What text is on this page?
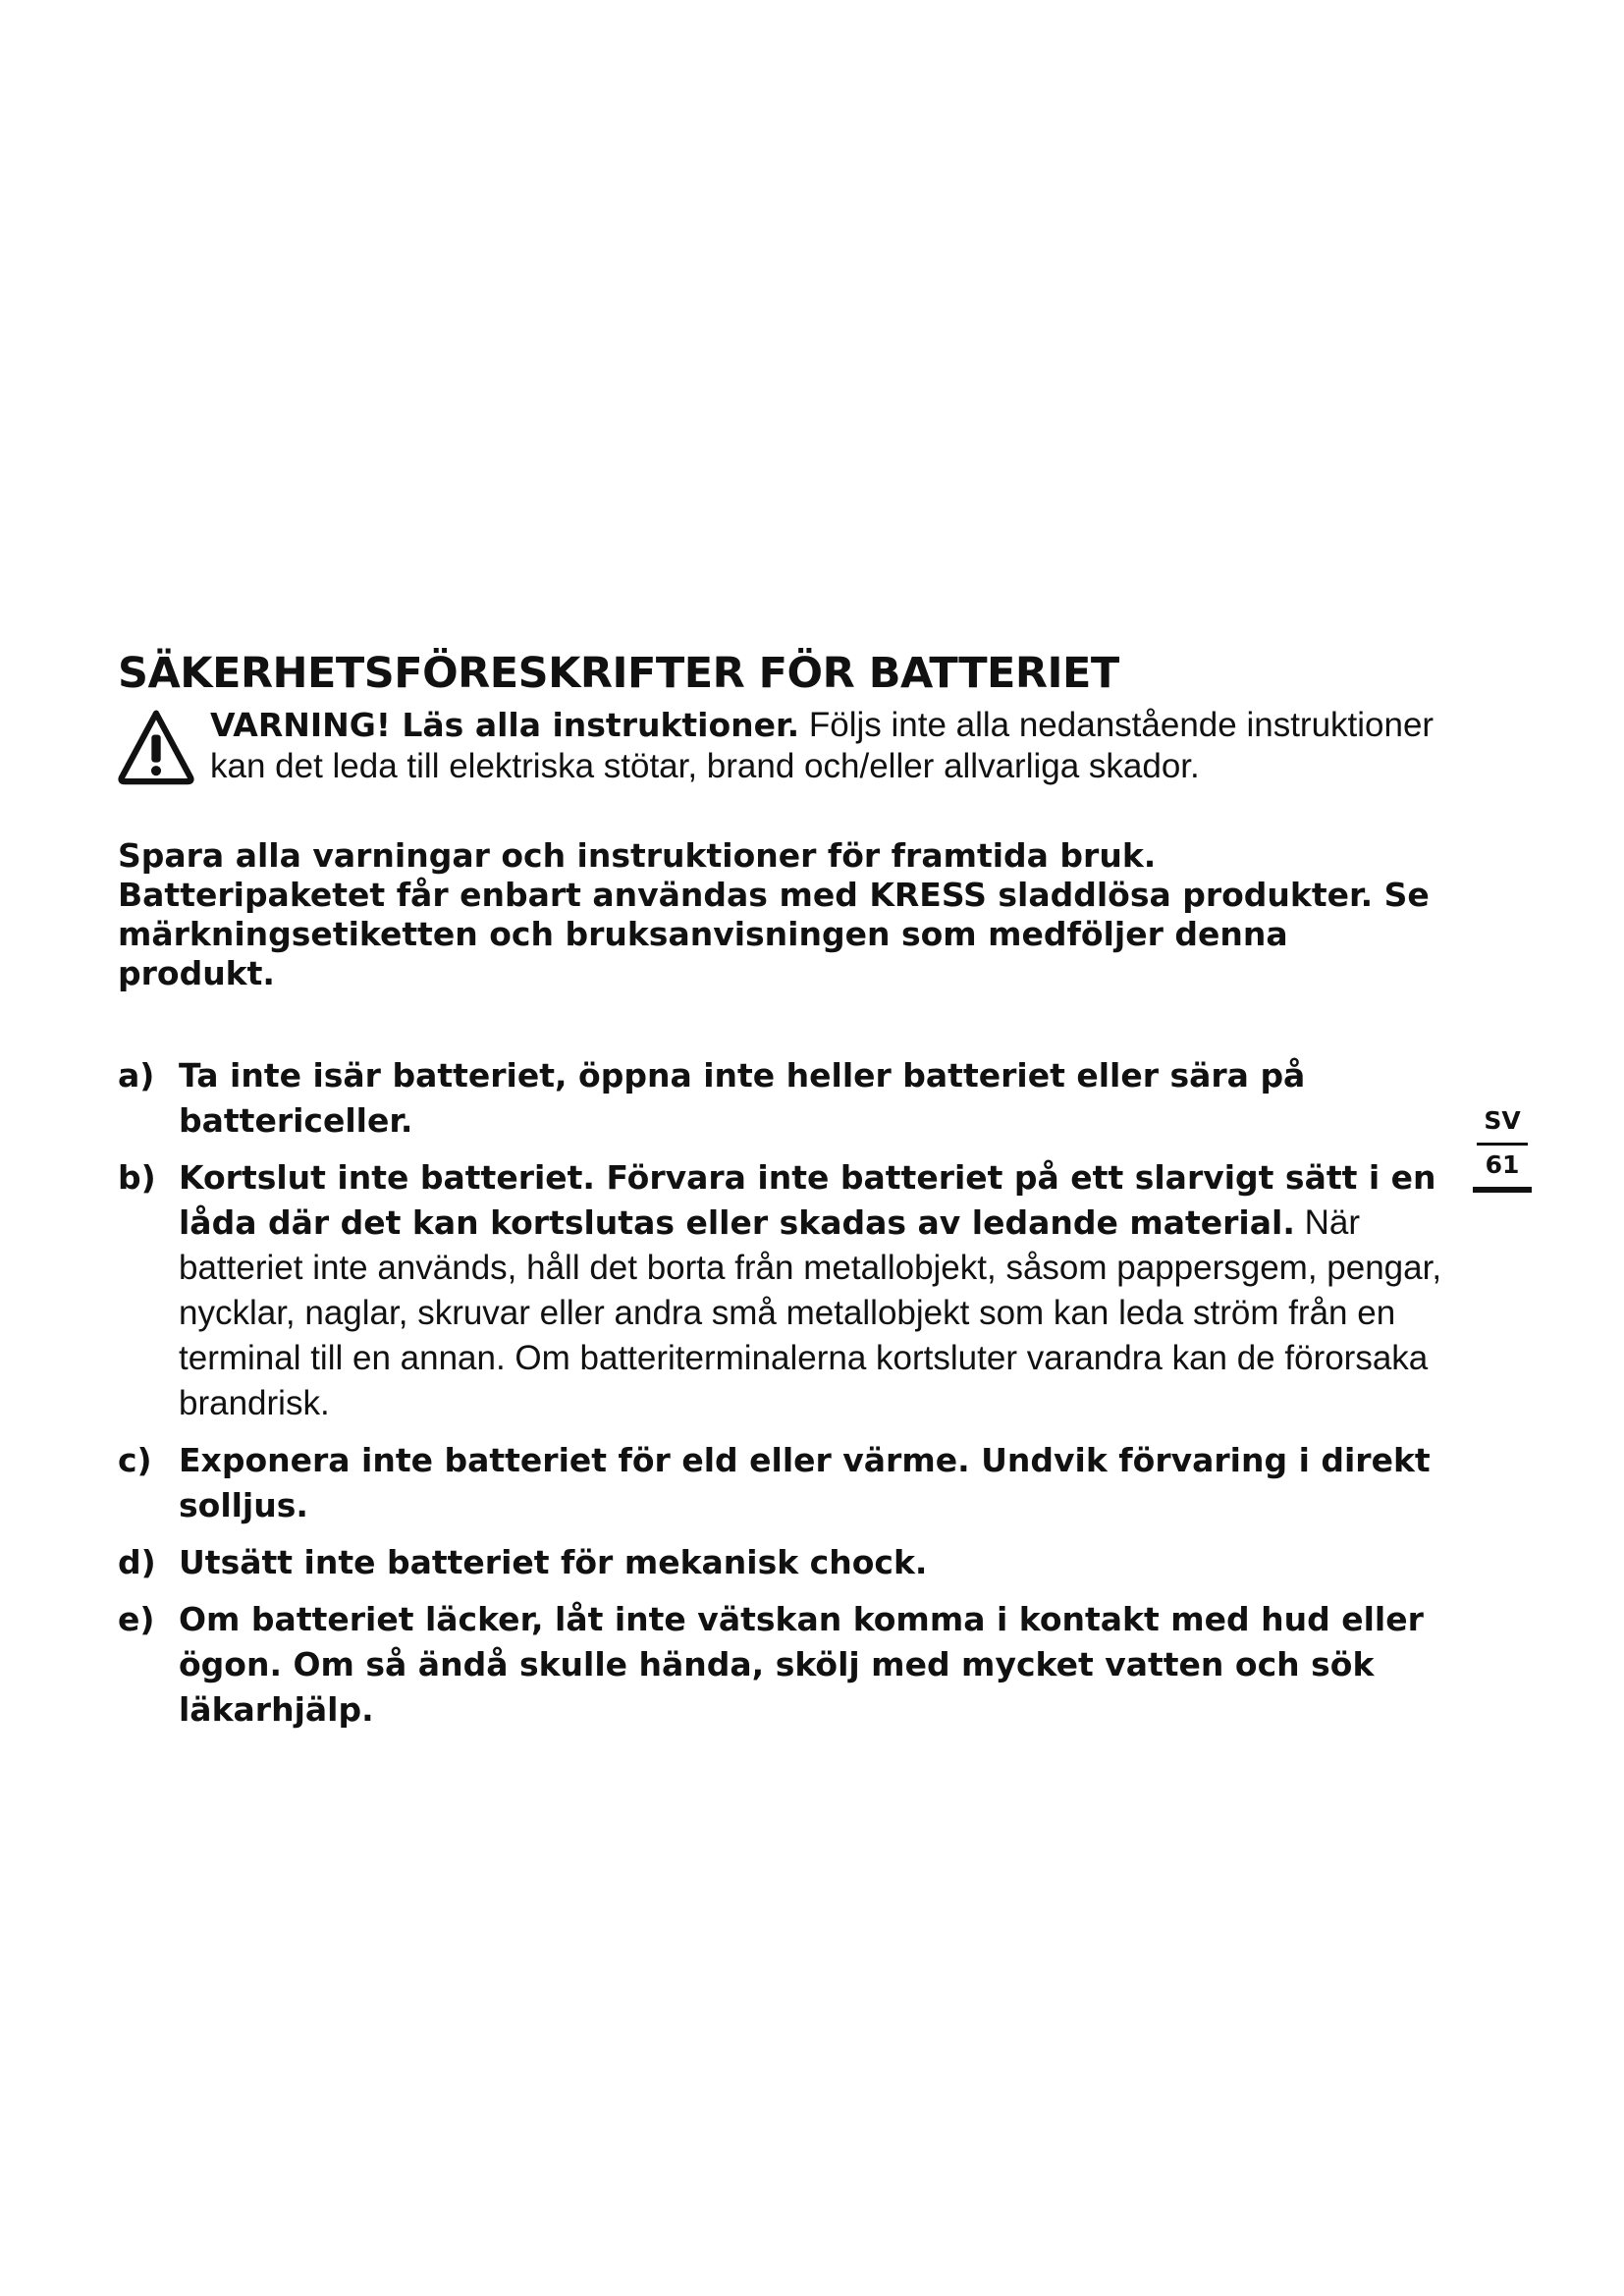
SÄKERHETSFÖRESKRIFTER FÖR BATTERIET
VARNING! Läs alla instruktioner. Följs inte alla nedanstående instruktioner kan det leda till elektriska stötar, brand och/eller allvarliga skador.

Spara alla varningar och instruktioner för framtida bruk.

Batteripaketet får enbart användas med KRESS sladdlösa produkter. Se märkningsetiketten och bruksanvisningen som medföljer denna produkt.

a) Ta inte isär batteriet, öppna inte heller batteriet eller sära på battericeller.
b) Kortslut inte batteriet. Förvara inte batteriet på ett slarvigt sätt i en låda där det kan kortslutas eller skadas av ledande material. När batteriet inte används, håll det borta från metallobjekt, såsom pappersgem, pengar, nycklar, naglar, skruvar eller andra små metallobjekt som kan leda ström från en terminal till en annan. Om batteriterminalerna kortsluter varandra kan de förorsaka brandrisk.
c) Exponera inte batteriet för eld eller värme. Undvik förvaring i direkt solljus.
d) Utsätt inte batteriet för mekanisk chock.
e) Om batteriet läcker, låt inte vätskan komma i kontakt med hud eller ögon. Om så ändå skulle hända, skölj med mycket vatten och sök läkarhjälp.
SV
61
